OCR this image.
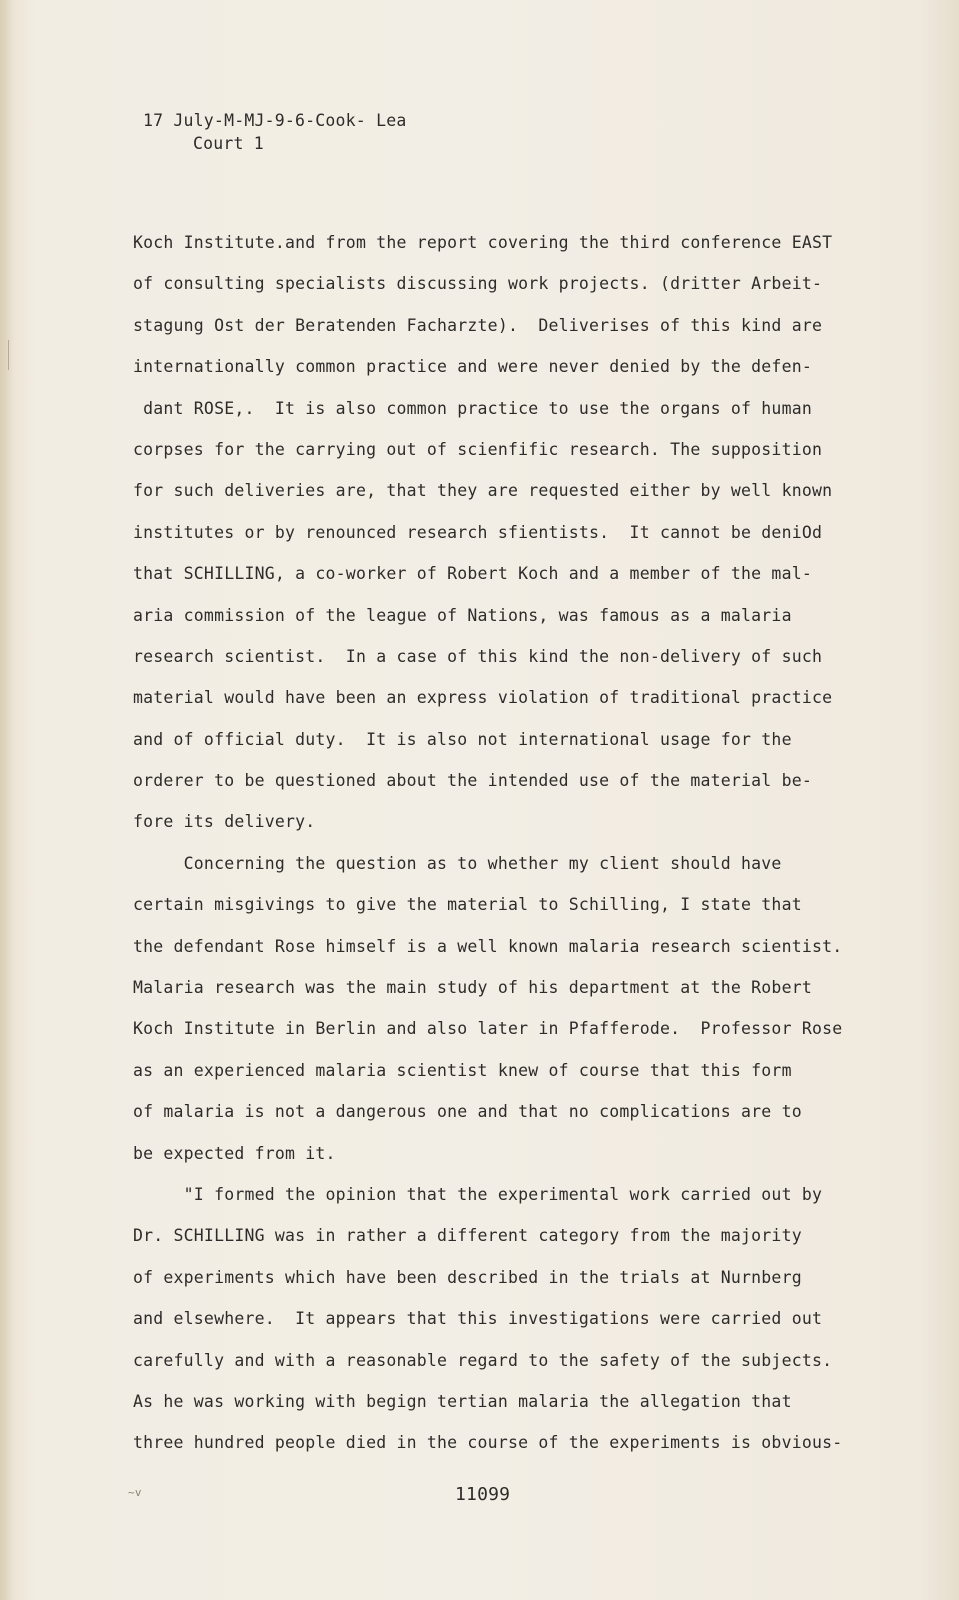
17 July-M-MJ-9-6-Cook- Lea
Court 1
Koch Institute.and from the report covering the third conference EAST
of consulting specialists discussing work projects. (dritter Arbeit-
stagung Ost der Beratenden Facharzte).  Deliverises of this kind are
internationally common practice and were never denied by the defen-
dant ROSE,.  It is also common practice to use the organs of human
corpses for the carrying out of scienfific research. The supposition
for such deliveries are, that they are requested either by well known
institutes or by renounced research sfientists.  It cannot be deniOd
that SCHILLING, a co-worker of Robert Koch and a member of the mal-
aria commission of the league of Nations, was famous as a malaria
research scientist.  In a case of this kind the non-delivery of such
material would have been an express violation of traditional practice
and of official duty.  It is also not international usage for the
orderer to be questioned about the intended use of the material be-
fore its delivery.
Concerning the question as to whether my client should have
certain misgivings to give the material to Schilling, I state that
the defendant Rose himself is a well known malaria research scientist.
Malaria research was the main study of his department at the Robert
Koch Institute in Berlin and also later in Pfafferode.  Professor Rose
as an experienced malaria scientist knew of course that this form
of malaria is not a dangerous one and that no complications are to
be expected from it.
"I formed the opinion that the experimental work carried out by
Dr. SCHILLING was in rather a different category from the majority
of experiments which have been described in the trials at Nurnberg
and elsewhere.  It appears that this investigations were carried out
carefully and with a reasonable regard to the safety of the subjects.
As he was working with begign tertian malaria the allegation that
three hundred people died in the course of the experiments is obvious-
~v	11099
